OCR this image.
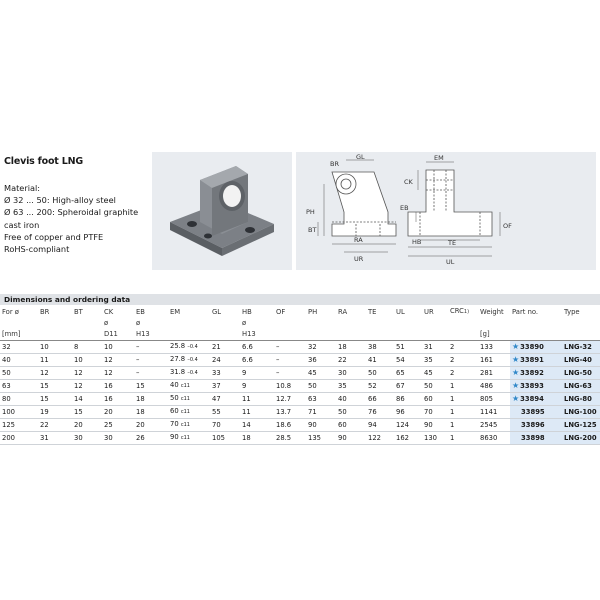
Clevis foot LNG
Material:
Ø 32 ... 50: High-alloy steel
Ø 63 ... 200: Spheroidal graphite cast iron
Free of copper and PTFE
RoHS-compliant
GL
BR
PH
BT
RA
UR
EM
CK
EB
HB	TE
UL
OF
Dimensions and ordering data
For ø	BR	BT	CK	EB	EM	GL	HB	OF	PH	RA	TE	UL	UR	CRC1)	Weight	Part no.	Type
			ø	ø			ø										
[mm]			D11	H13			H13								[g]		
32	10	8	10	–	25.8 –0.4	21	6.6	–	32	18	38	51	31	2	133	★33890	LNG-32
40	11	10	12	–	27.8 –0.4	24	6.6	–	36	22	41	54	35	2	161	★33891	LNG-40
50	12	12	12	–	31.8 –0.4	33	9	–	45	30	50	65	45	2	281	★33892	LNG-50
63	15	12	16	15	40 c11	37	9	10.8	50	35	52	67	50	1	486	★33893	LNG-63
80	15	14	16	18	50 c11	47	11	12.7	63	40	66	86	60	1	805	★33894	LNG-80
100	19	15	20	18	60 c11	55	11	13.7	71	50	76	96	70	1	1141	33895	LNG-100
125	22	20	25	20	70 c11	70	14	18.6	90	60	94	124	90	1	2545	33896	LNG-125
200	31	30	30	26	90 c11	105	18	28.5	135	90	122	162	130	1	8630	33898	LNG-200
